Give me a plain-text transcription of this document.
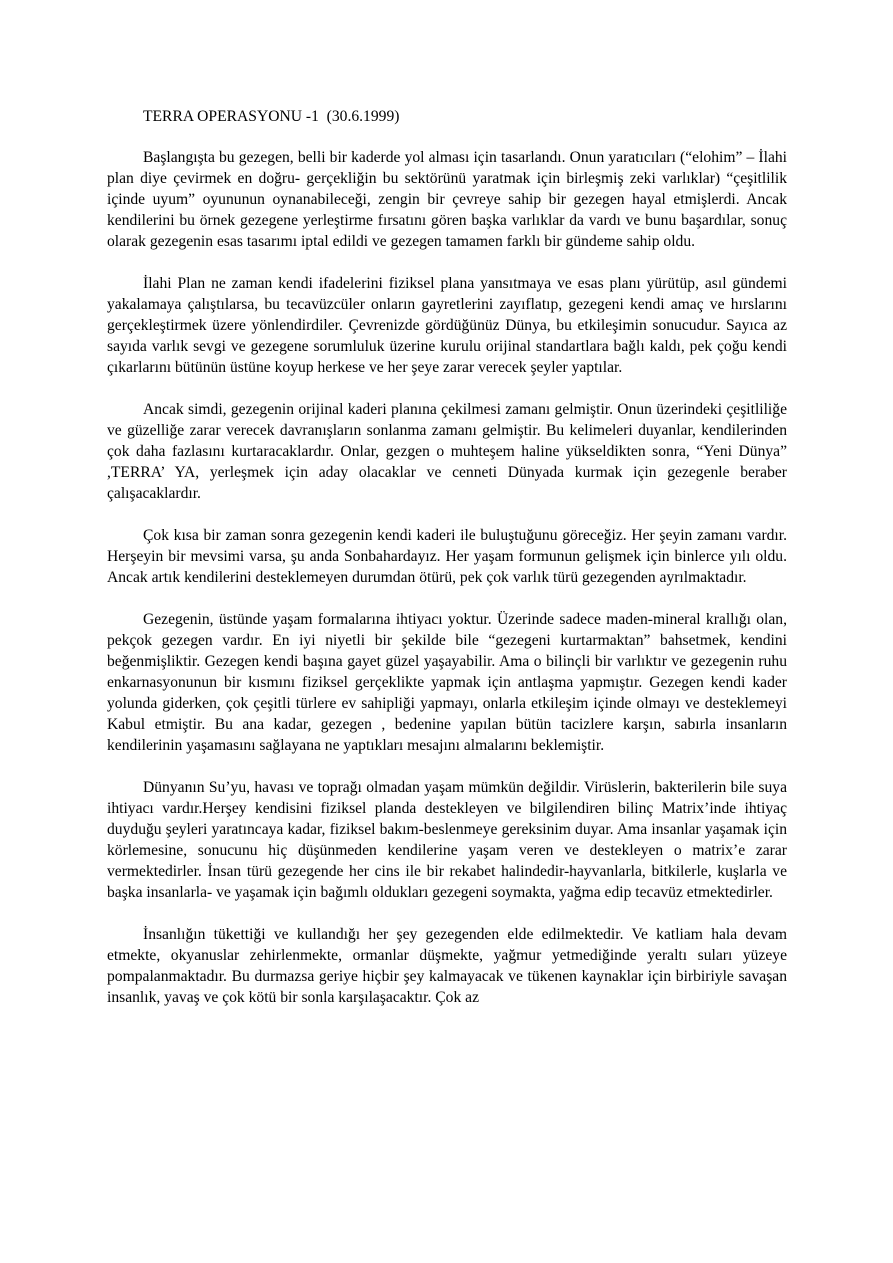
TERRA OPERASYONU -1  (30.6.1999)

Başlangışta bu gezegen, belli bir kaderde yol alması için tasarlandı. Onun yaratıcıları (“elohim” – İlahi plan diye çevirmek en doğru- gerçekliğin bu sektörünü yaratmak için birleşmiş zeki varlıklar) “çeşitlilik içinde uyum” oyununun oynanabileceği, zengin bir çevreye sahip bir gezegen hayal etmişlerdi. Ancak kendilerini bu örnek gezegene yerleştirme fırsatını gören başka varlıklar da vardı ve bunu başardılar, sonuç olarak gezegenin esas tasarımı iptal edildi ve gezegen tamamen farklı bir gündeme sahip oldu.

İlahi Plan ne zaman kendi ifadelerini fiziksel plana yansıtmaya ve esas planı yürütüp, asıl gündemi yakalamaya çalıştılarsa, bu tecavüzcüler onların gayretlerini zayıflatıp, gezegeni kendi amaç ve hırslarını gerçekleştirmek üzere yönlendirdiler. Çevrenizde gördüğünüz Dünya, bu etkileşimin sonucudur. Sayıca az sayıda varlık sevgi ve gezegene sorumluluk üzerine kurulu orijinal standartlara bağlı kaldı, pek çoğu kendi çıkarlarını bütünün üstüne koyup herkese ve her şeye zarar verecek şeyler yaptılar.

Ancak simdi, gezegenin orijinal kaderi planına çekilmesi zamanı gelmiştir. Onun üzerindeki çeşitliliğe ve güzelliğe zarar verecek davranışların sonlanma zamanı gelmiştir. Bu kelimeleri duyanlar, kendilerinden çok daha fazlasını kurtaracaklardır. Onlar, gezgen o muhteşem haline yükseldikten sonra, “Yeni Dünya” ,TERRA’ YA, yerleşmek için aday olacaklar ve cenneti Dünyada kurmak için gezegenle beraber çalışacaklardır.

Çok kısa bir zaman sonra gezegenin kendi kaderi ile buluştuğunu göreceğiz. Her şeyin zamanı vardır. Herşeyin bir mevsimi varsa, şu anda Sonbahardayız. Her yaşam formunun gelişmek için binlerce yılı oldu. Ancak artık kendilerini desteklemeyen durumdan ötürü, pek çok varlık türü gezegenden ayrılmaktadır.

Gezegenin, üstünde yaşam formalarına ihtiyacı yoktur. Üzerinde sadece maden-mineral krallığı olan, pekçok gezegen vardır. En iyi niyetli bir şekilde bile “gezegeni kurtarmaktan” bahsetmek, kendini beğenmişliktir. Gezegen kendi başına gayet güzel yaşayabilir. Ama o bilinçli bir varlıktır ve gezegenin ruhu enkarnasyonunun bir kısmını fiziksel gerçeklikte yapmak için antlaşma yapmıştır. Gezegen kendi kader yolunda giderken, çok çeşitli türlere ev sahipliği yapmayı, onlarla etkileşim içinde olmayı ve desteklemeyi Kabul etmiştir. Bu ana kadar, gezegen , bedenine yapılan bütün tacizlere karşın, sabırla insanların kendilerinin yaşamasını sağlayana ne yaptıkları mesajını almalarını beklemiştir.

Dünyanın Su’yu, havası ve toprağı olmadan yaşam mümkün değildir. Virüslerin, bakterilerin bile suya ihtiyacı vardır.Herşey kendisini fiziksel planda destekleyen ve bilgilendiren bilinç Matrix’inde ihtiyaç duyduğu şeyleri yaratıncaya kadar, fiziksel bakım-beslenmeye gereksinim duyar. Ama insanlar yaşamak için körlemesine, sonucunu hiç düşünmeden kendilerine yaşam veren ve destekleyen o matrix’e zarar vermektedirler. İnsan türü gezegende her cins ile bir rekabet halindedir-hayvanlarla, bitkilerle, kuşlarla ve başka insanlarla- ve yaşamak için bağımlı oldukları gezegeni soymakta, yağma edip tecavüz etmektedirler.

İnsanlığın tükettiği ve kullandığı her şey gezegenden elde edilmektedir. Ve katliam hala devam etmekte, okyanuslar zehirlenmekte, ormanlar düşmekte, yağmur yetmediğinde yeraltı suları yüzeye pompalanmaktadır. Bu durmazsa geriye hiçbir şey kalmayacak ve tükenen kaynaklar için birbiriyle savaşan insanlık, yavaş ve çok kötü bir sonla karşılaşacaktır. Çok az
